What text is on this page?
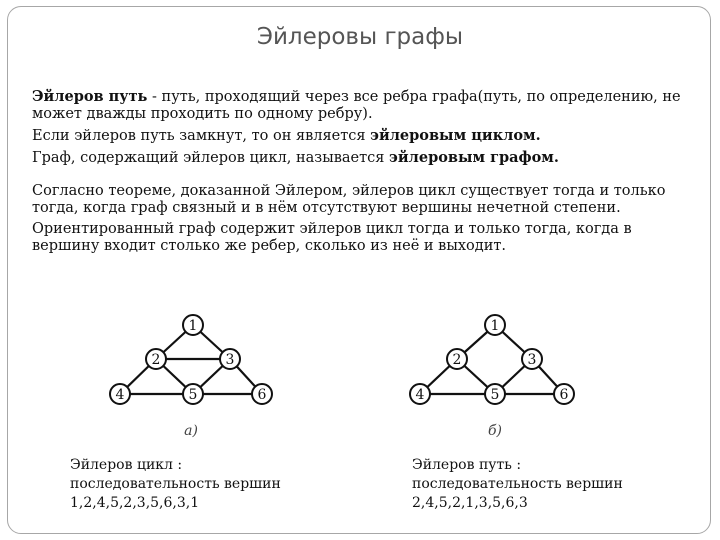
Эйлеровы графы

Эйлеров путь - путь, проходящий через все ребра графа(путь, по определению, не может дважды проходить по одному ребру).

Если эйлеров путь замкнут, то он является эйлеровым циклом.

Граф, содержащий эйлеров цикл, называется эйлеровым графом.

Согласно теореме, доказанной Эйлером, эйлеров цикл существует тогда и только тогда, когда граф связный и в нём отсутствуют вершины нечетной степени.

Ориентированный граф содержит эйлеров цикл тогда и только тогда, когда в вершину входит столько же ребер, сколько из неё и выходит.

1
2	3
4	5	6
а)
1
2	3
4	5	6
б)
Эйлеров цикл :
последовательность вершин
1,2,4,5,2,3,5,6,3,1
Эйлеров путь :
последовательность вершин
2,4,5,2,1,3,5,6,3
